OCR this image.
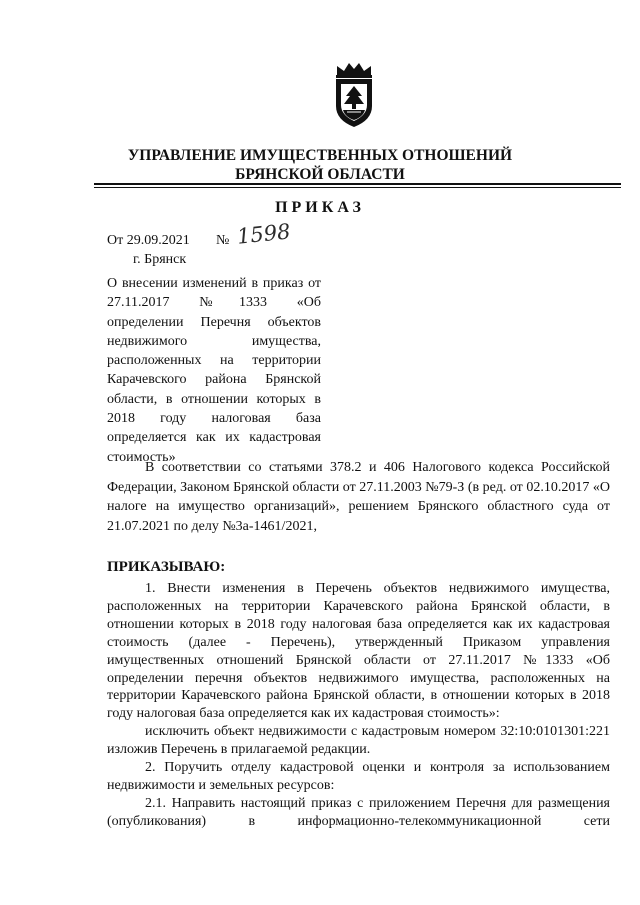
УПРАВЛЕНИЕ ИМУЩЕСТВЕННЫХ ОТНОШЕНИЙ
БРЯНСКОЙ ОБЛАСТИ
ПРИКАЗ
От 29.09.2021 № 1598
г. Брянск
О внесении изменений в приказ от 27.11.2017 №1333 «Об определении Перечня объектов недвижимого имущества, расположенных на территории Карачевского района Брянской области, в отношении которых в 2018 году налоговая база определяется как их кадастровая стоимость»
В соответствии со статьями 378.2 и 406 Налогового кодекса Российской Федерации, Законом Брянской области от 27.11.2003 №79-З (в ред. от 02.10.2017 «О налоге на имущество организаций», решением Брянского областного суда от 21.07.2021 по делу №3а-1461/2021,
ПРИКАЗЫВАЮ:

1. Внести изменения в Перечень объектов недвижимого имущества, расположенных на территории Карачевского района Брянской области, в отношении которых в 2018 году налоговая база определяется как их кадастровая стоимость (далее - Перечень), утвержденный Приказом управления имущественных отношений Брянской области от 27.11.2017 №1333 «Об определении перечня объектов недвижимого имущества, расположенных на территории Карачевского района Брянской области, в отношении которых в 2018 году налоговая база определяется как их кадастровая стоимость»:

исключить объект недвижимости с кадастровым номером 32:10:0101301:221 изложив Перечень в прилагаемой редакции.

2. Поручить отделу кадастровой оценки и контроля за использованием недвижимости и земельных ресурсов:

2.1. Направить настоящий приказ с приложением Перечня для размещения (опубликования) в информационно-телекоммуникационной сети
